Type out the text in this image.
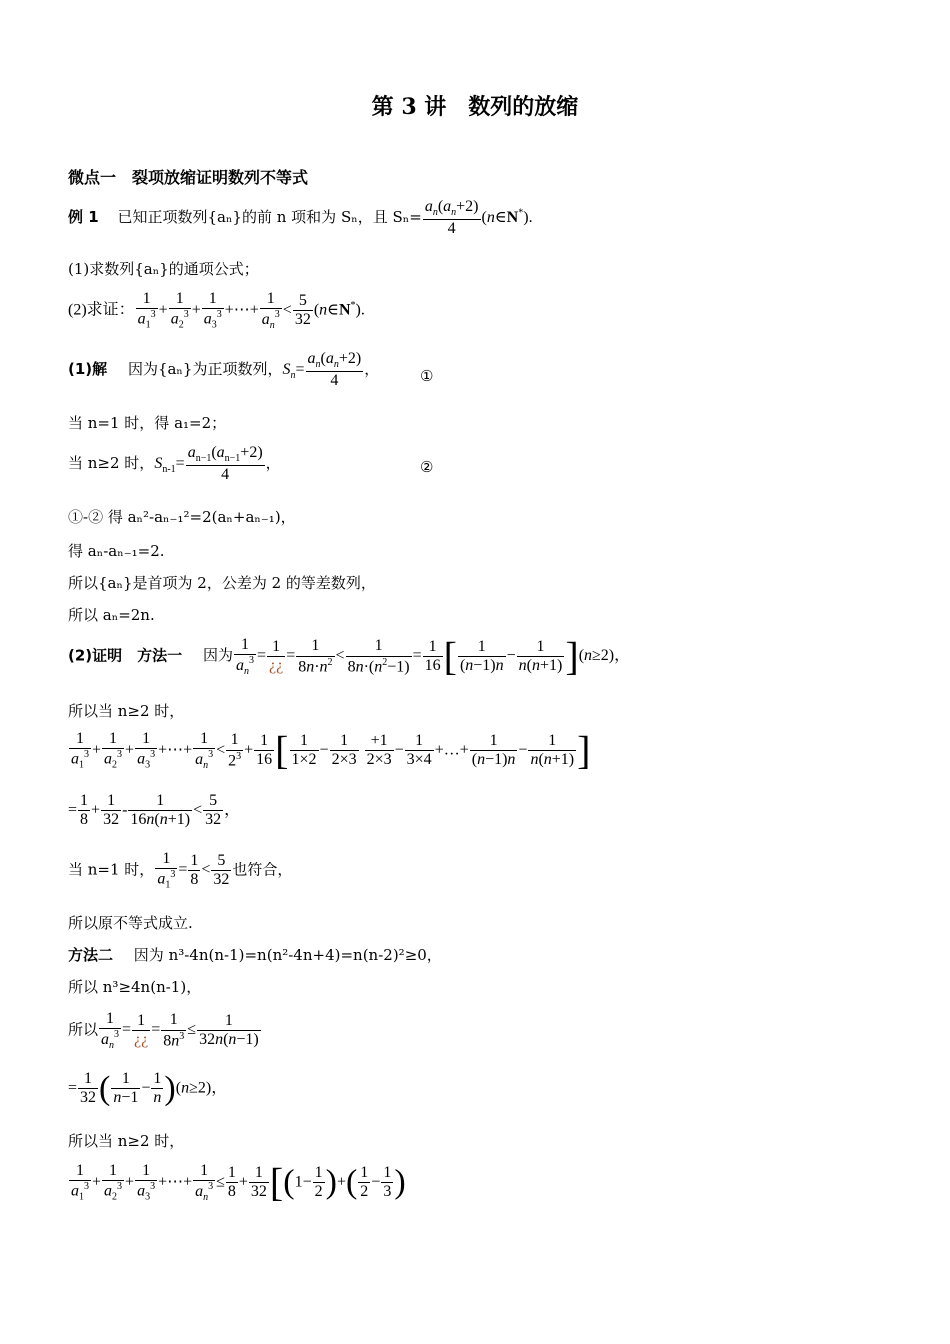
第 3 讲　数列的放缩
微点一　裂项放缩证明数列不等式
例 1 已知正项数列{aₙ}的前 n 项和为 Sₙ，且 $S_n= \frac{a_n(a_n+2)}{4}$ (n∈N*).
(1)求数列{aₙ}的通项公式；
(2)求证： $\frac{1}{a_1^3} + \frac{1}{a_2^3} + \frac{1}{a_3^3}$ +⋯+ $\frac{1}{a_n^3} < \frac{5}{32}$ (n∈N*).
(1)解 因为{aₙ}为正项数列，$S_n= \frac{a_n(a_n+2)}{4}$ ，	①
当 n=1 时，得 a₁=2；
当 n≥2 时，$S_{n-1}= \frac{a_{n-1}(a_{n-1}+2)}{4}$ ，	②
①-② 得 aₙ²-aₙ₋₁²=2(aₙ+aₙ₋₁)，
得 aₙ-aₙ₋₁=2.
所以{aₙ}是首项为 2，公差为 2 的等差数列，
所以 aₙ=2n.
(2)证明　方法一 因为 $\frac{1}{a_n^3} = \frac{1}{¿¿} = \frac{1}{8n\cdot n^2} < \frac{1}{8n\cdot(n^2-1)} = \frac{1}{16}$ [ $\frac{1}{(n-1)n} - \frac{1}{n(n+1)} ](n\ge 2)$，
所以当 n≥2 时，
$\frac{1}{a_1^3} + \frac{1}{a_2^3} + \frac{1}{a_3^3}$ +⋯+ $\frac{1}{a_n^3} < \frac{1}{2^3} + \frac{1}{16}$ [ $\frac{1}{1\times 2} - \frac{1}{2\times 3}$
$\frac{+1}{2\times 3} - \frac{1}{3\times 4}$ +…+ $\frac{1}{(n-1)n} - \frac{1}{n(n+1)}$ ]
= $\frac{1}{8} + \frac{1}{32} - \frac{1}{16n(n+1)} < \frac{5}{32}$ ，
当 n=1 时， $\frac{1}{a_1^3} = \frac{1}{8} < \frac{5}{32}$ 也符合，
所以原不等式成立.
方法二 因为 n³-4n(n-1)=n(n²-4n+4)=n(n-2)²≥0，
所以 n³≥4n(n-1)，
所以 $\frac{1}{a_n^3} = \frac{1}{¿¿} = \frac{1}{8n^3} \le \frac{1}{32n(n-1)}$
= $\frac{1}{32}$ ( $\frac{1}{n-1} - \frac{1}{n} )(n\ge 2)$，
所以当 n≥2 时，
$\frac{1}{a_1^3} + \frac{1}{a_2^3} + \frac{1}{a_3^3}$ +⋯+ $\frac{1}{a_n^3} \le \frac{1}{8} + \frac{1}{32} [(1- \frac{1}{2}$ )+( $\frac{1}{2} - \frac{1}{3}$ )
